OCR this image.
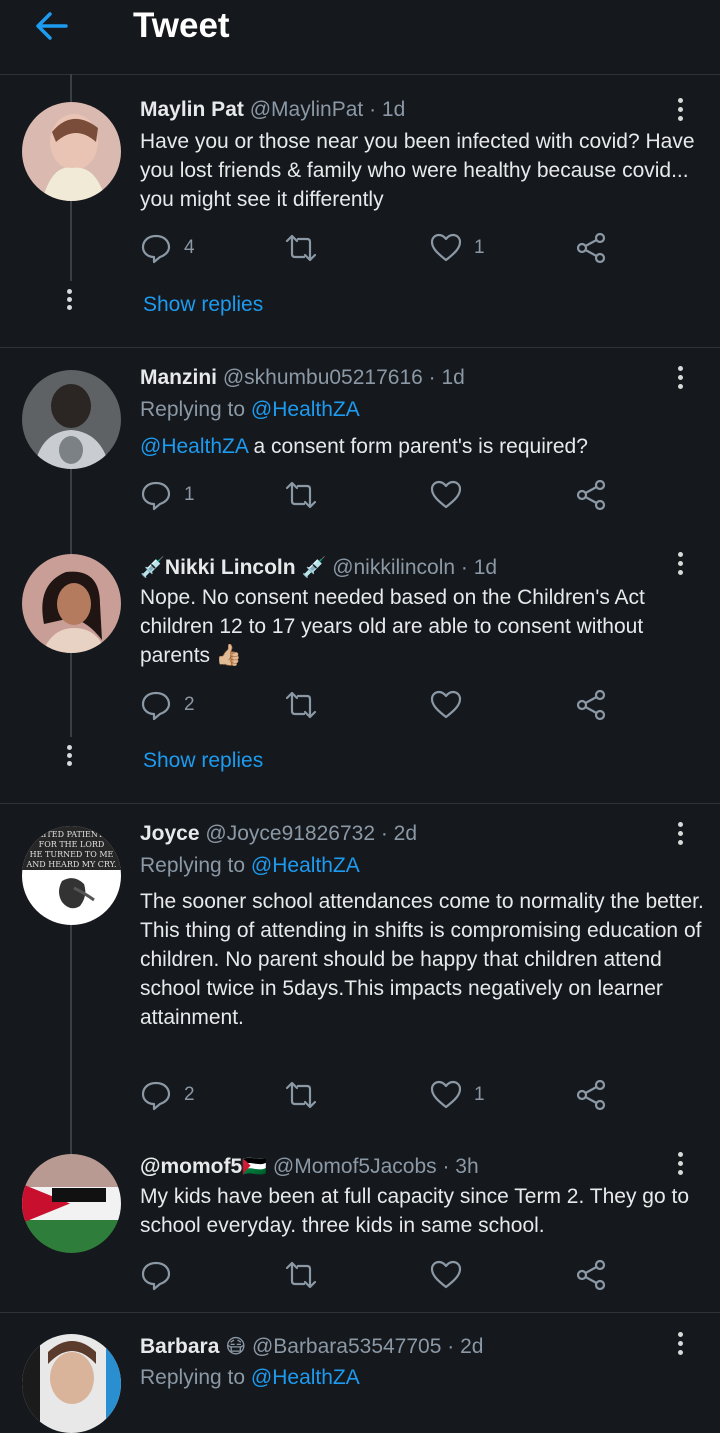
Tweet
Maylin Pat @MaylinPat · 1d
Have you or those near you been infected with covid? Have you lost friends & family who were healthy because covid... you might see it differently
4	1
Show replies
Manzini @skhumbu05217616 · 1d
Replying to @HealthZA
@HealthZA a consent form parent's is required?
1
💉Nikki Lincoln 💉 @nikkilincoln · 1d
Nope. No consent needed based on the Children's Act children 12 to 17 years old are able to consent without parents 👍🏼
2
Show replies
WAITED PATIENTLY
FOR THE LORD
HE TURNED TO ME
AND HEARD MY CRY.
Joyce @Joyce91826732 · 2d
Replying to @HealthZA
The sooner school attendances come to normality the better.
This thing of attending in shifts is compromising education of children. No parent should be happy that children attend school twice in 5days.This impacts negatively on learner attainment.
2	1
@momof5🇵🇸 @Momof5Jacobs · 3h
My kids have been at full capacity since Term 2. They go to school everyday. three kids in same school.
Barbara 😷 @Barbara53547705 · 2d
Replying to @HealthZA
